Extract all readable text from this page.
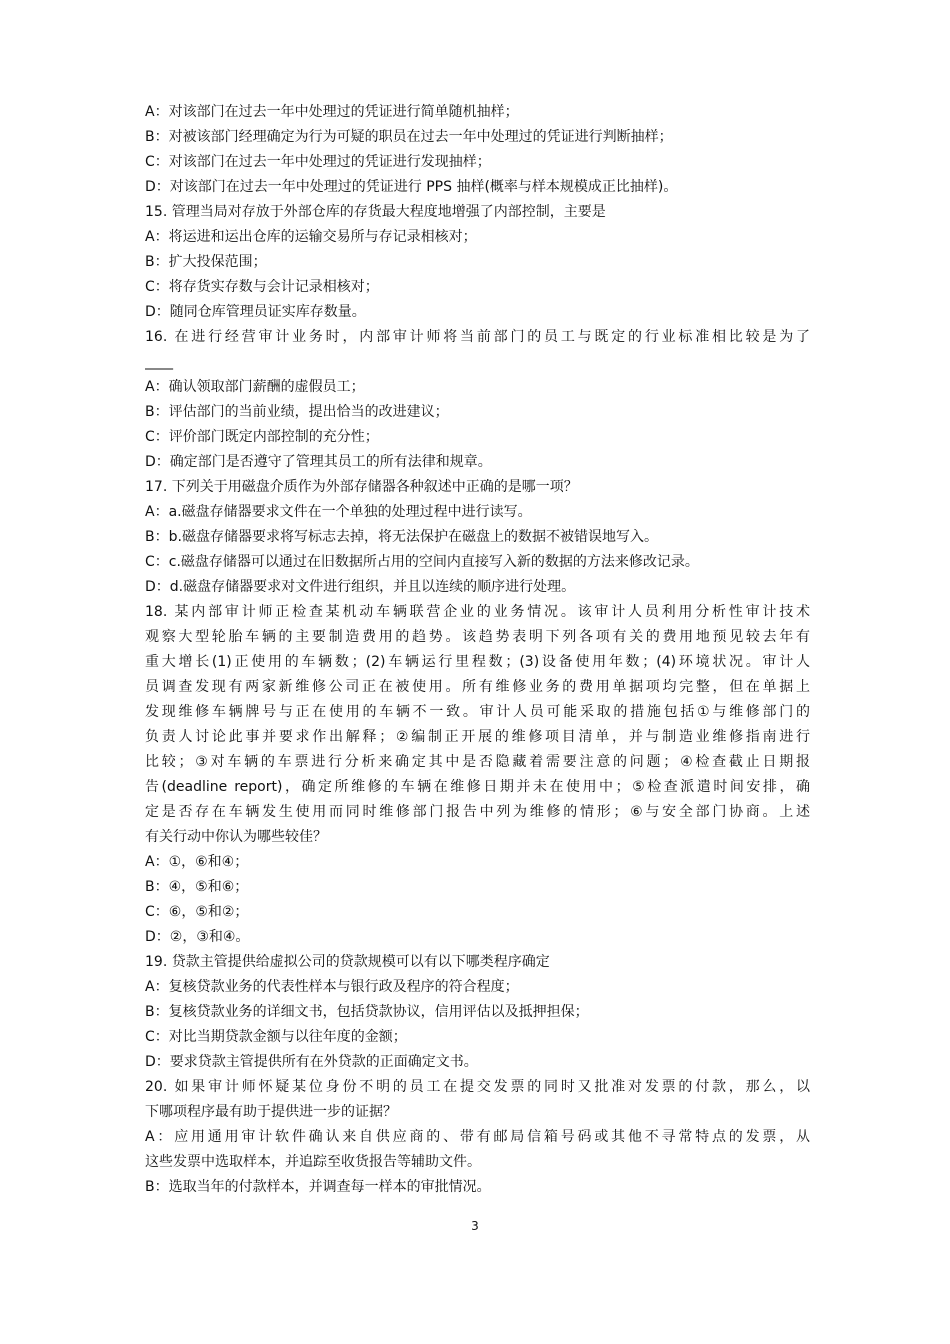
A：对该部门在过去一年中处理过的凭证进行简单随机抽样；
B：对被该部门经理确定为行为可疑的职员在过去一年中处理过的凭证进行判断抽样；
C：对该部门在过去一年中处理过的凭证进行发现抽样；
D：对该部门在过去一年中处理过的凭证进行 PPS 抽样(概率与样本规模成正比抽样)。
15. 管理当局对存放于外部仓库的存货最大程度地增强了内部控制，主要是
A：将运进和运出仓库的运输交易所与存记录相核对；
B：扩大投保范围；
C：将存货实存数与会计记录相核对；
D：随同仓库管理员证实库存数量。
16. 在进行经营审计业务时，内部审计师将当前部门的员工与既定的行业标准相比较是为了
____
A：确认领取部门薪酬的虚假员工；
B：评估部门的当前业绩，提出恰当的改进建议；
C：评价部门既定内部控制的充分性；
D：确定部门是否遵守了管理其员工的所有法律和规章。
17. 下列关于用磁盘介质作为外部存储器各种叙述中正确的是哪一项？
A：a.磁盘存储器要求文件在一个单独的处理过程中进行读写。
B：b.磁盘存储器要求将写标志去掉，将无法保护在磁盘上的数据不被错误地写入。
C：c.磁盘存储器可以通过在旧数据所占用的空间内直接写入新的数据的方法来修改记录。
D：d.磁盘存储器要求对文件进行组织，并且以连续的顺序进行处理。
18. 某内部审计师正检查某机动车辆联营企业的业务情况。该审计人员利用分析性审计技术
观察大型轮胎车辆的主要制造费用的趋势。该趋势表明下列各项有关的费用地预见较去年有
重大增长(1)正使用的车辆数；(2)车辆运行里程数；(3)设备使用年数；(4)环境状况。审计人
员调查发现有两家新维修公司正在被使用。所有维修业务的费用单据项均完整，但在单据上
发现维修车辆牌号与正在使用的车辆不一致。审计人员可能采取的措施包括①与维修部门的
负责人讨论此事并要求作出解释；②编制正开展的维修项目清单，并与制造业维修指南进行
比较；③对车辆的车票进行分析来确定其中是否隐藏着需要注意的问题；④检查截止日期报
告(deadline report)，确定所维修的车辆在维修日期并未在使用中；⑤检查派遣时间安排，确
定是否存在车辆发生使用而同时维修部门报告中列为维修的情形；⑥与安全部门协商。上述
有关行动中你认为哪些较佳？
A：①，⑥和④；
B：④，⑤和⑥；
C：⑥，⑤和②；
D：②，③和④。
19. 贷款主管提供给虚拟公司的贷款规模可以有以下哪类程序确定
A：复核贷款业务的代表性样本与银行政及程序的符合程度；
B：复核贷款业务的详细文书，包括贷款协议，信用评估以及抵押担保；
C：对比当期贷款金额与以往年度的金额；
D：要求贷款主管提供所有在外贷款的正面确定文书。
20. 如果审计师怀疑某位身份不明的员工在提交发票的同时又批准对发票的付款，那么，以
下哪项程序最有助于提供进一步的证据？
A：应用通用审计软件确认来自供应商的、带有邮局信箱号码或其他不寻常特点的发票，从
这些发票中选取样本，并追踪至收货报告等辅助文件。
B：选取当年的付款样本，并调查每一样本的审批情况。
3
